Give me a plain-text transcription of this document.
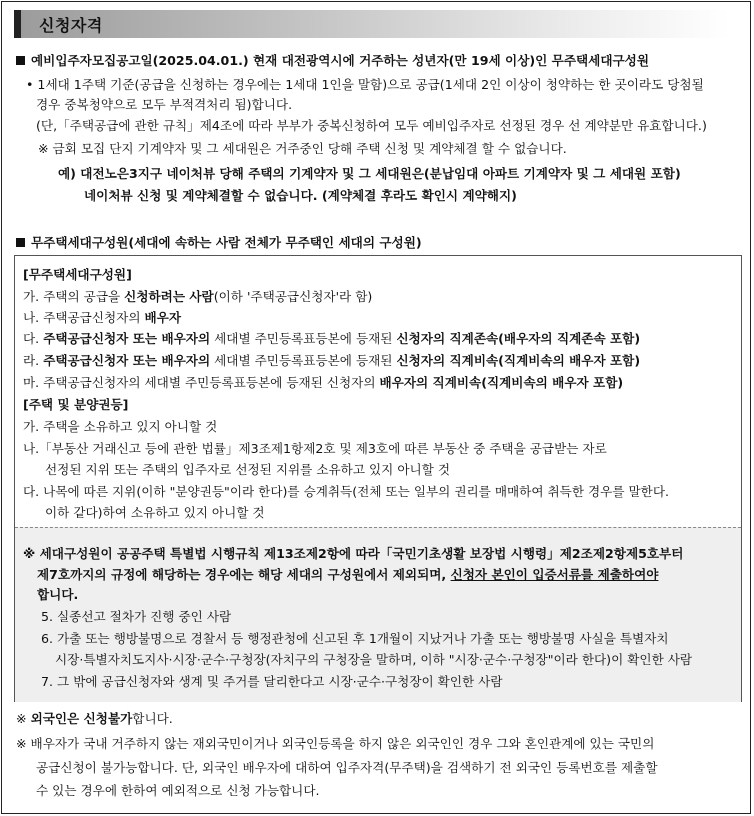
신청자격
예비입주자모집공고일(2025.04.01.) 현재 대전광역시에 거주하는 성년자(만 19세 이상)인 무주택세대구성원
• 1세대 1주택 기준(공급을 신청하는 경우에는 1세대 1인을 말함)으로 공급(1세대 2인 이상이 청약하는 한 곳이라도 당첨될
경우 중복청약으로 모두 부적격처리 됨)합니다.
(단,「주택공급에 관한 규칙」제4조에 따라 부부가 중복신청하여 모두 예비입주자로 선정된 경우 선 계약분만 유효합니다.)
※ 금회 모집 단지 기계약자 및 그 세대원은 거주중인 당해 주택 신청 및 계약체결 할 수 없습니다.
예) 대전노은3지구 네이처뷰 당해 주택의 기계약자 및 그 세대원은(분납임대 아파트 기계약자 및 그 세대원 포함)
네이처뷰 신청 및 계약체결할 수 없습니다. (계약체결 후라도 확인시 계약해지)
무주택세대구성원(세대에 속하는 사람 전체가 무주택인 세대의 구성원)
[무주택세대구성원]
가. 주택의 공급을 신청하려는 사람(이하 '주택공급신청자'라 함)
나. 주택공급신청자의 배우자
다. 주택공급신청자 또는 배우자의 세대별 주민등록표등본에 등재된 신청자의 직계존속(배우자의 직계존속 포함)
라. 주택공급신청자 또는 배우자의 세대별 주민등록표등본에 등재된 신청자의 직계비속(직계비속의 배우자 포함)
마. 주택공급신청자의 세대별 주민등록표등본에 등재된 신청자의 배우자의 직계비속(직계비속의 배우자 포함)
[주택 및 분양권등]
가. 주택을 소유하고 있지 아니할 것
나.「부동산 거래신고 등에 관한 법률」제3조제1항제2호 및 제3호에 따른 부동산 중 주택을 공급받는 자로
선정된 지위 또는 주택의 입주자로 선정된 지위를 소유하고 있지 아니할 것
다. 나목에 따른 지위(이하 "분양권등"이라 한다)를 승계취득(전체 또는 일부의 권리를 매매하여 취득한 경우를 말한다.
이하 같다)하여 소유하고 있지 아니할 것
※ 세대구성원이 공공주택 특별법 시행규칙 제13조제2항에 따라「국민기초생활 보장법 시행령」제2조제2항제5호부터
제7호까지의 규정에 해당하는 경우에는 해당 세대의 구성원에서 제외되며, 신청자 본인이 입증서류를 제출하여야
합니다.
5. 실종선고 절차가 진행 중인 사람
6. 가출 또는 행방불명으로 경찰서 등 행정관청에 신고된 후 1개월이 지났거나 가출 또는 행방불명 사실을 특별자치
시장·특별자치도지사·시장·군수·구청장(자치구의 구청장을 말하며, 이하 "시장·군수·구청장"이라 한다)이 확인한 사람
7. 그 밖에 공급신청자와 생계 및 주거를 달리한다고 시장·군수·구청장이 확인한 사람
※ 외국인은 신청불가합니다.
※ 배우자가 국내 거주하지 않는 재외국민이거나 외국인등록을 하지 않은 외국인인 경우 그와 혼인관계에 있는 국민의
공급신청이 불가능합니다. 단, 외국인 배우자에 대하여 입주자격(무주택)을 검색하기 전 외국인 등록번호를 제출할
수 있는 경우에 한하여 예외적으로 신청 가능합니다.
